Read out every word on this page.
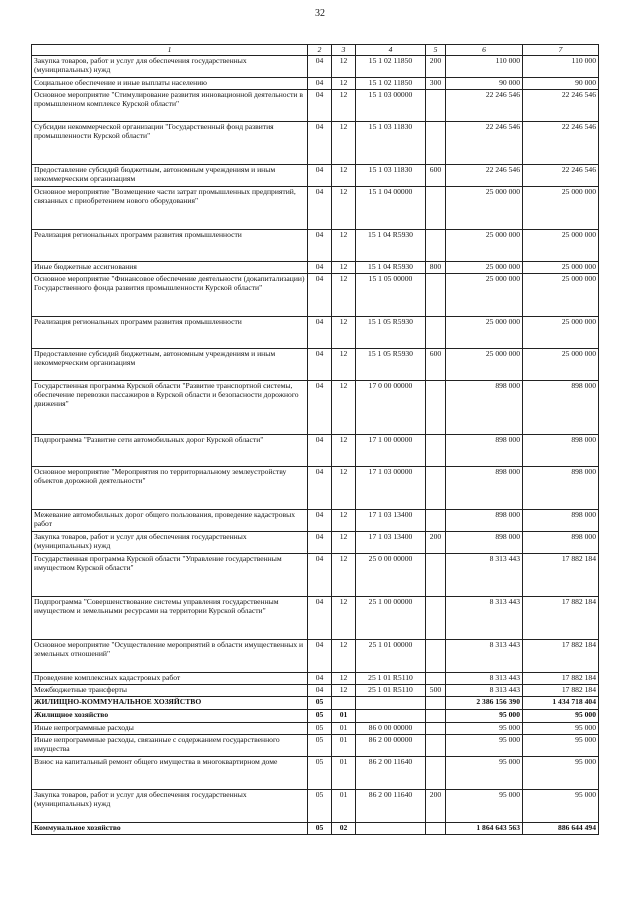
32
1	2	3	4	5	6	7
Закупка товаров, работ и услуг для обеспечения государственных (муниципальных) нужд	04	12	15 1 02 11850	200	110 000	110 000
Социальное обеспечение и иные выплаты населению	04	12	15 1 02 11850	300	90 000	90 000
Основное мероприятие "Стимулирование развития инновационной деятельности в промышленном комплексе Курской области"	04	12	15 1 03 00000		22 246 546	22 246 546
Субсидии некоммерческой организации "Государственный фонд развития промышленности Курской области"	04	12	15 1 03 11830		22 246 546	22 246 546
Предоставление субсидий бюджетным, автономным учреждениям и иным некоммерческим организациям	04	12	15 1 03 11830	600	22 246 546	22 246 546
Основное мероприятие "Возмещение части затрат промышленных предприятий, связанных с приобретением нового оборудования"	04	12	15 1 04 00000		25 000 000	25 000 000
Реализация региональных программ развития промышленности	04	12	15 1 04 R5930		25 000 000	25 000 000
Иные бюджетные ассигнования	04	12	15 1 04 R5930	800	25 000 000	25 000 000
Основное мероприятие "Финансовое обеспечение деятельности (докапитализации) Государственного фонда развития промышленности Курской области"	04	12	15 1 05 00000		25 000 000	25 000 000
Реализация региональных программ развития промышленности	04	12	15 1 05 R5930		25 000 000	25 000 000
Предоставление субсидий бюджетным, автономным учреждениям и иным некоммерческим организациям	04	12	15 1 05 R5930	600	25 000 000	25 000 000
Государственная программа Курской области "Развитие транспортной системы, обеспечение перевозки пассажиров в Курской области и безопасности дорожного движения"	04	12	17 0 00 00000		898 000	898 000
Подпрограмма "Развитие сети автомобильных дорог Курской области"	04	12	17 1 00 00000		898 000	898 000
Основное мероприятие "Мероприятия по территориальному землеустройству объектов дорожной деятельности"	04	12	17 1 03 00000		898 000	898 000
Межевание автомобильных дорог общего пользования, проведение кадастровых работ	04	12	17 1 03 13400		898 000	898 000
Закупка товаров, работ и услуг для обеспечения государственных (муниципальных) нужд	04	12	17 1 03 13400	200	898 000	898 000
Государственная программа Курской области "Управление государственным имуществом Курской области"	04	12	25 0 00 00000		8 313 443	17 882 184
Подпрограмма "Совершенствование системы управления государственным имуществом и земельными ресурсами на территории Курской области"	04	12	25 1 00 00000		8 313 443	17 882 184
Основное мероприятие "Осуществление мероприятий в области имущественных и земельных отношений"	04	12	25 1 01 00000		8 313 443	17 882 184
Проведение комплексных кадастровых работ	04	12	25 1 01 R5110		8 313 443	17 882 184
Межбюджетные трансферты	04	12	25 1 01 R5110	500	8 313 443	17 882 184
ЖИЛИЩНО-КОММУНАЛЬНОЕ ХОЗЯЙСТВО	05				2 386 156 390	1 434 718 404
Жилищное хозяйство	05	01			95 000	95 000
Иные непрограммные расходы	05	01	86 0 00 00000		95 000	95 000
Иные непрограммные расходы, связанные с содержанием государственного имущества	05	01	86 2 00 00000		95 000	95 000
Взнос на капитальный ремонт общего имущества в многоквартирном доме	05	01	86 2 00 11640		95 000	95 000
Закупка товаров, работ и услуг для обеспечения государственных (муниципальных) нужд	05	01	86 2 00 11640	200	95 000	95 000
Коммунальное хозяйство	05	02			1 864 643 563	886 644 494
